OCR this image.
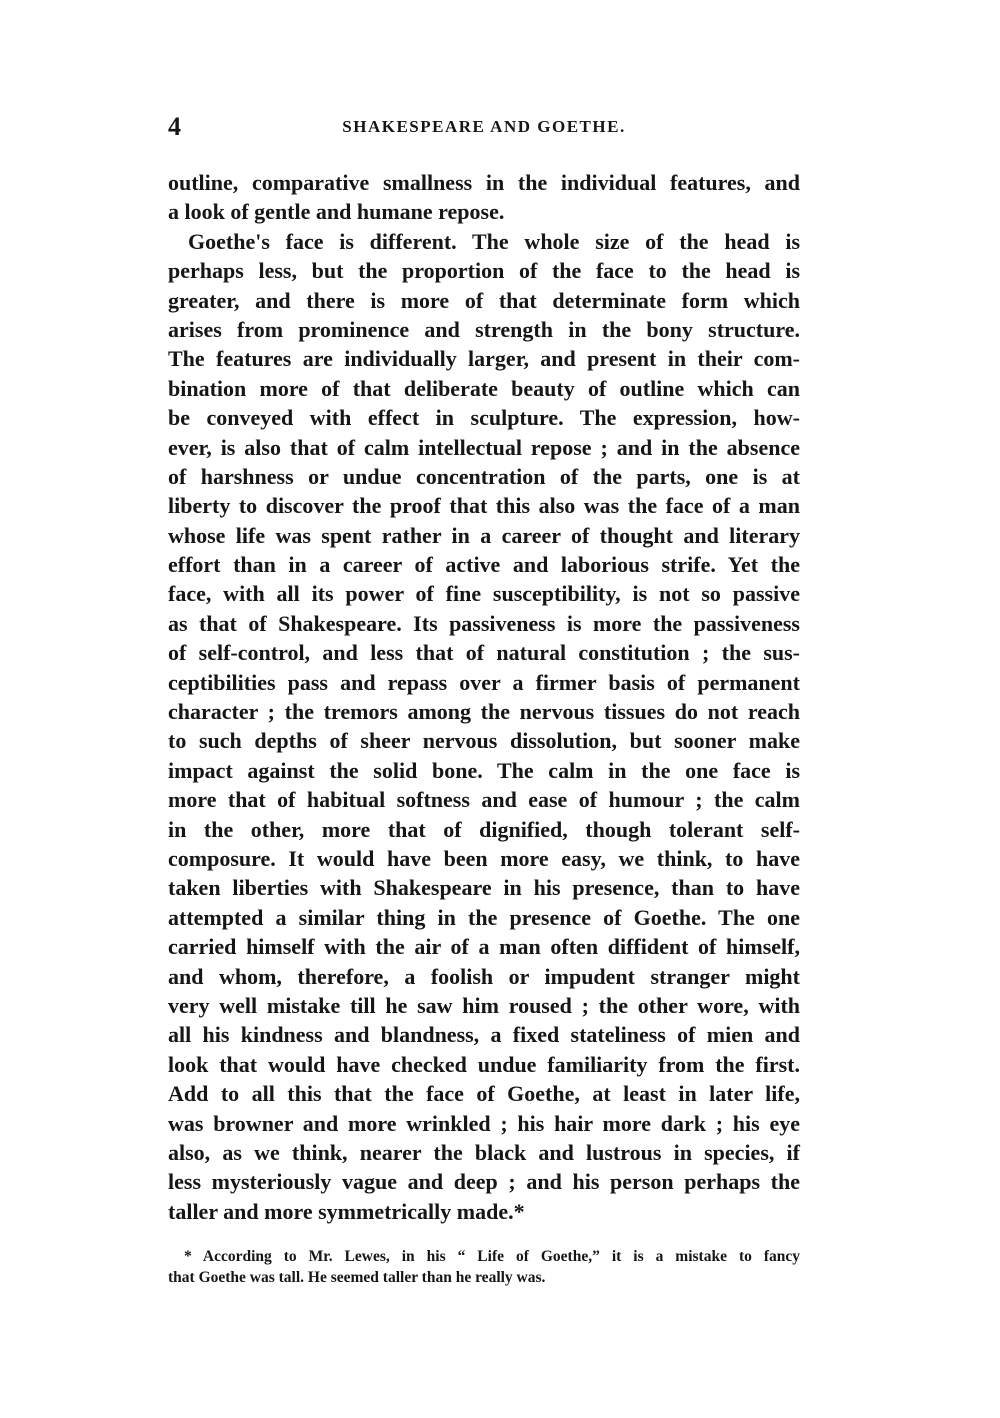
4	SHAKESPEARE AND GOETHE.
outline, comparative smallness in the individual features, and
a look of gentle and humane repose.
Goethe's face is different. The whole size of the head is
perhaps less, but the proportion of the face to the head is
greater, and there is more of that determinate form which
arises from prominence and strength in the bony structure.
The features are individually larger, and present in their com-
bination more of that deliberate beauty of outline which can
be conveyed with effect in sculpture. The expression, how-
ever, is also that of calm intellectual repose ; and in the absence
of harshness or undue concentration of the parts, one is at
liberty to discover the proof that this also was the face of a man
whose life was spent rather in a career of thought and literary
effort than in a career of active and laborious strife. Yet the
face, with all its power of fine susceptibility, is not so passive
as that of Shakespeare. Its passiveness is more the passiveness
of self-control, and less that of natural constitution ; the sus-
ceptibilities pass and repass over a firmer basis of permanent
character ; the tremors among the nervous tissues do not reach
to such depths of sheer nervous dissolution, but sooner make
impact against the solid bone. The calm in the one face is
more that of habitual softness and ease of humour ; the calm
in the other, more that of dignified, though tolerant self-
composure. It would have been more easy, we think, to have
taken liberties with Shakespeare in his presence, than to have
attempted a similar thing in the presence of Goethe. The one
carried himself with the air of a man often diffident of himself,
and whom, therefore, a foolish or impudent stranger might
very well mistake till he saw him roused ; the other wore, with
all his kindness and blandness, a fixed stateliness of mien and
look that would have checked undue familiarity from the first.
Add to all this that the face of Goethe, at least in later life,
was browner and more wrinkled ; his hair more dark ; his eye
also, as we think, nearer the black and lustrous in species, if
less mysteriously vague and deep ; and his person perhaps the
taller and more symmetrically made.*
* According to Mr. Lewes, in his “ Life of Goethe,” it is a mistake to fancy
that Goethe was tall. He seemed taller than he really was.
